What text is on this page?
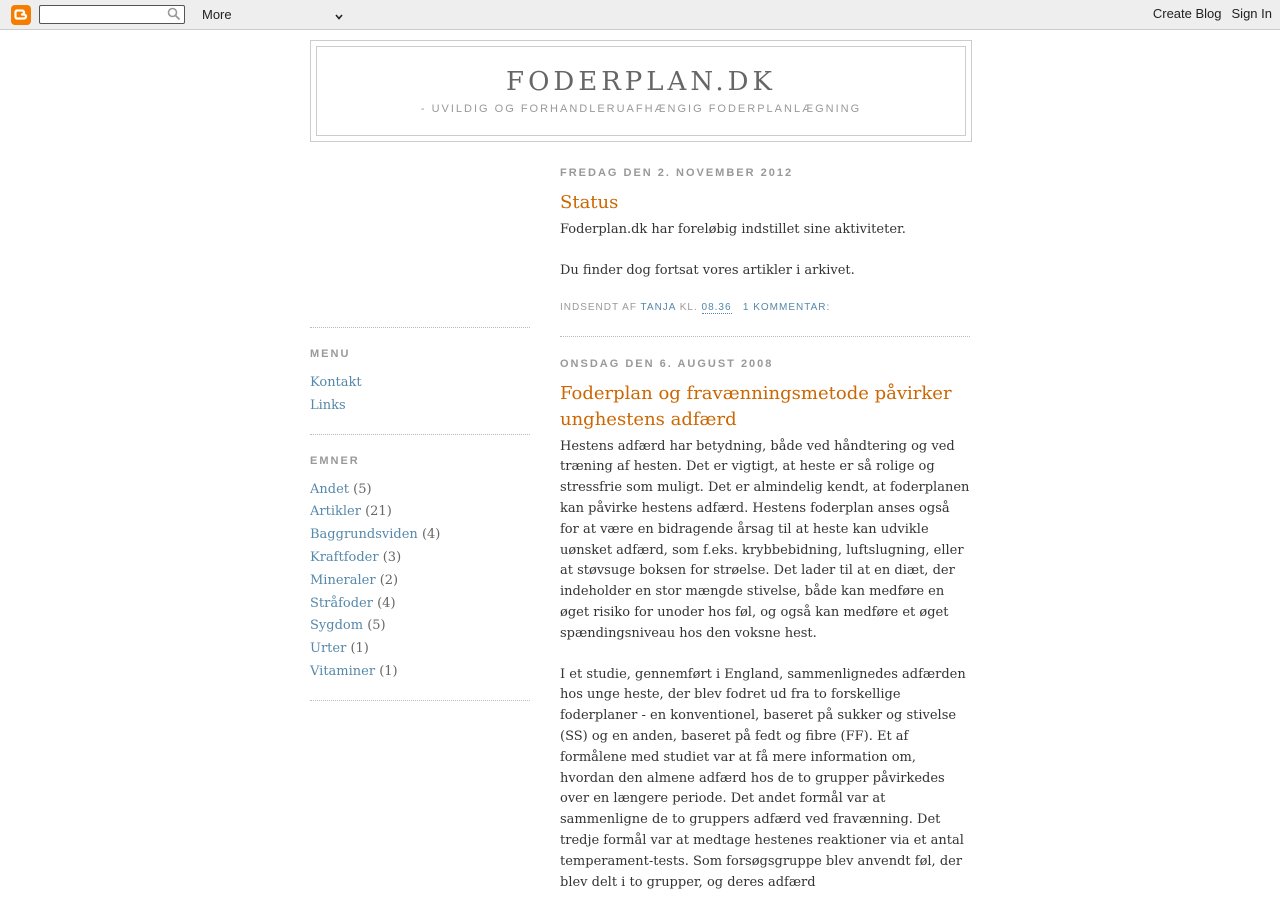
More	Create Blog Sign In
FODERPLAN.DK

- UVILDIG OG FORHANDLERUAFHÆNGIG FODERPLANLÆGNING

MENU
Kontakt
Links
EMNER
Andet (5)
Artikler (21)
Baggrundsviden (4)
Kraftfoder (3)
Mineraler (2)
Stråfoder (4)
Sygdom (5)
Urter (1)
Vitaminer (1)
FREDAG DEN 2. NOVEMBER 2012
Status

Foderplan.dk har foreløbig indstillet sine aktiviteter.

Du finder dog fortsat vores artikler i arkivet.

INDSENDT AF TANJA KL. 08.36 1 KOMMENTAR:
ONSDAG DEN 6. AUGUST 2008
Foderplan og fravænningsmetode påvirker unghestens adfærd

Hestens adfærd har betydning, både ved håndtering og ved træning af hesten. Det er vigtigt, at heste er så rolige og stressfrie som muligt. Det er almindelig kendt, at foderplanen kan påvirke hestens adfærd. Hestens foderplan anses også for at være en bidragende årsag til at heste kan udvikle uønsket adfærd, som f.eks. krybbebidning, luftslugning, eller at støvsuge boksen for strøelse. Det lader til at en diæt, der indeholder en stor mængde stivelse, både kan medføre en øget risiko for unoder hos føl, og også kan medføre et øget spændingsniveau hos den voksne hest.

I et studie, gennemført i England, sammenlignedes adfærden hos unge heste, der blev fodret ud fra to forskellige foderplaner - en konventionel, baseret på sukker og stivelse (SS) og en anden, baseret på fedt og fibre (FF). Et af formålene med studiet var at få mere information om, hvordan den almene adfærd hos de to grupper påvirkedes over en længere periode. Det andet formål var at sammenligne de to gruppers adfærd ved fravænning. Det tredje formål var at medtage hestenes reaktioner via et antal temperament-tests. Som forsøgsgruppe blev anvendt føl, der blev delt i to grupper, og deres adfærd
